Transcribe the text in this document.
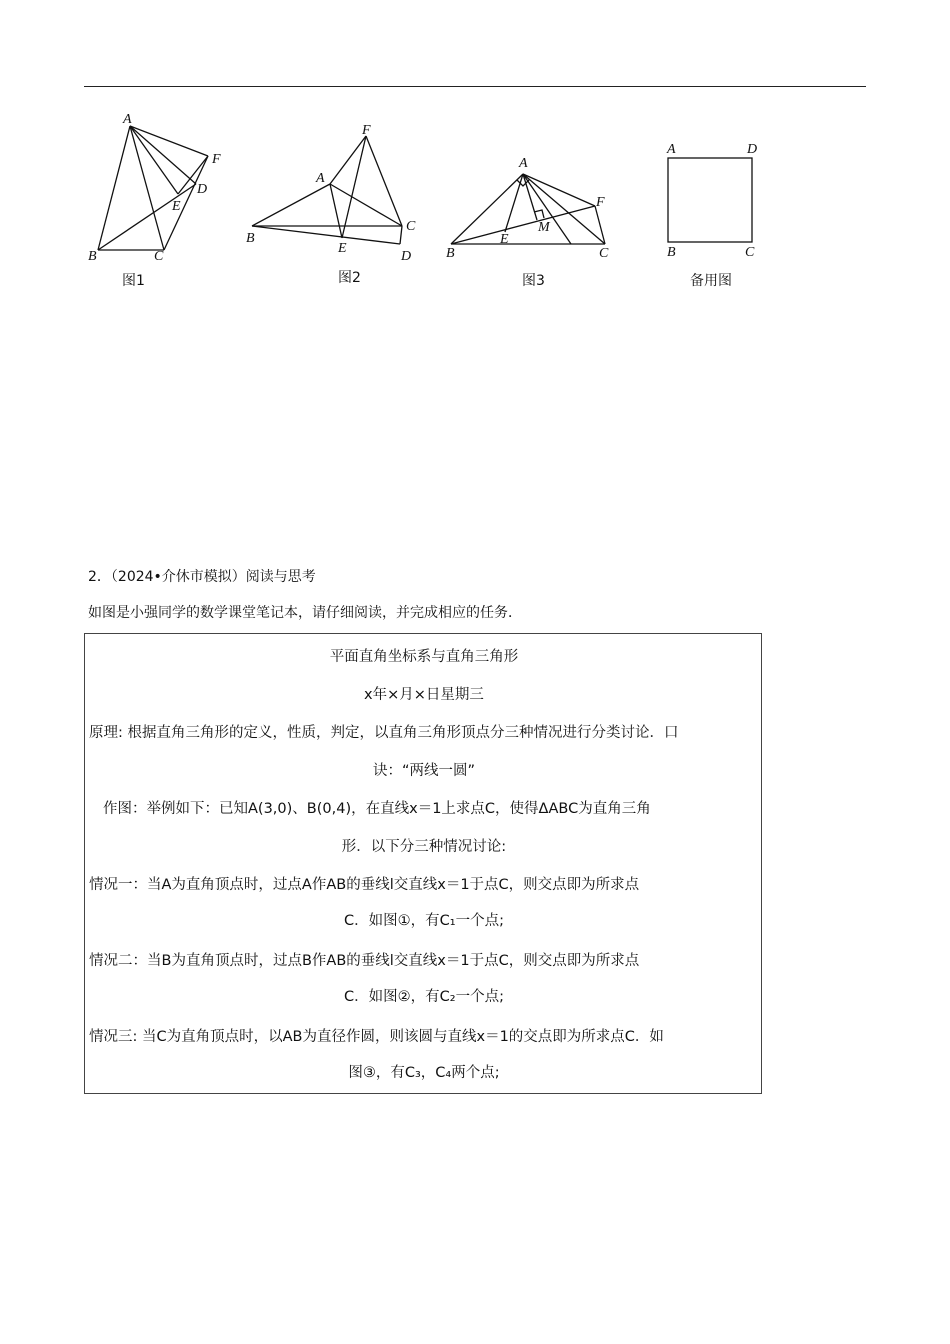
A
B	C
D
E
F
图1
A
B
C
D
E
F
图2
A
B	C
E
F
M
图3
A	D
B	C
备用图
2．（2024•介休市模拟）阅读与思考
如图是小强同学的数学课堂笔记本，请仔细阅读，并完成相应的任务．
平面直角坐标系与直角三角形
x年×月×日星期三
原理: 根据直角三角形的定义，性质，判定，以直角三角形顶点分三种情况进行分类讨论．口
诀：“两线一圆”
作图：举例如下：已知A(3,0)、B(0,4)，在直线x＝1上求点C，使得ΔABC为直角三角
形．以下分三种情况讨论:
情况一：当A为直角顶点时，过点A作AB的垂线l交直线x＝1于点C，则交点即为所求点
C．如图①，有C₁一个点;
情况二：当B为直角顶点时，过点B作AB的垂线l交直线x＝1于点C，则交点即为所求点
C．如图②，有C₂一个点;
情况三: 当C为直角顶点时，以AB为直径作圆，则该圆与直线x＝1的交点即为所求点C．如
图③，有C₃，C₄两个点;
